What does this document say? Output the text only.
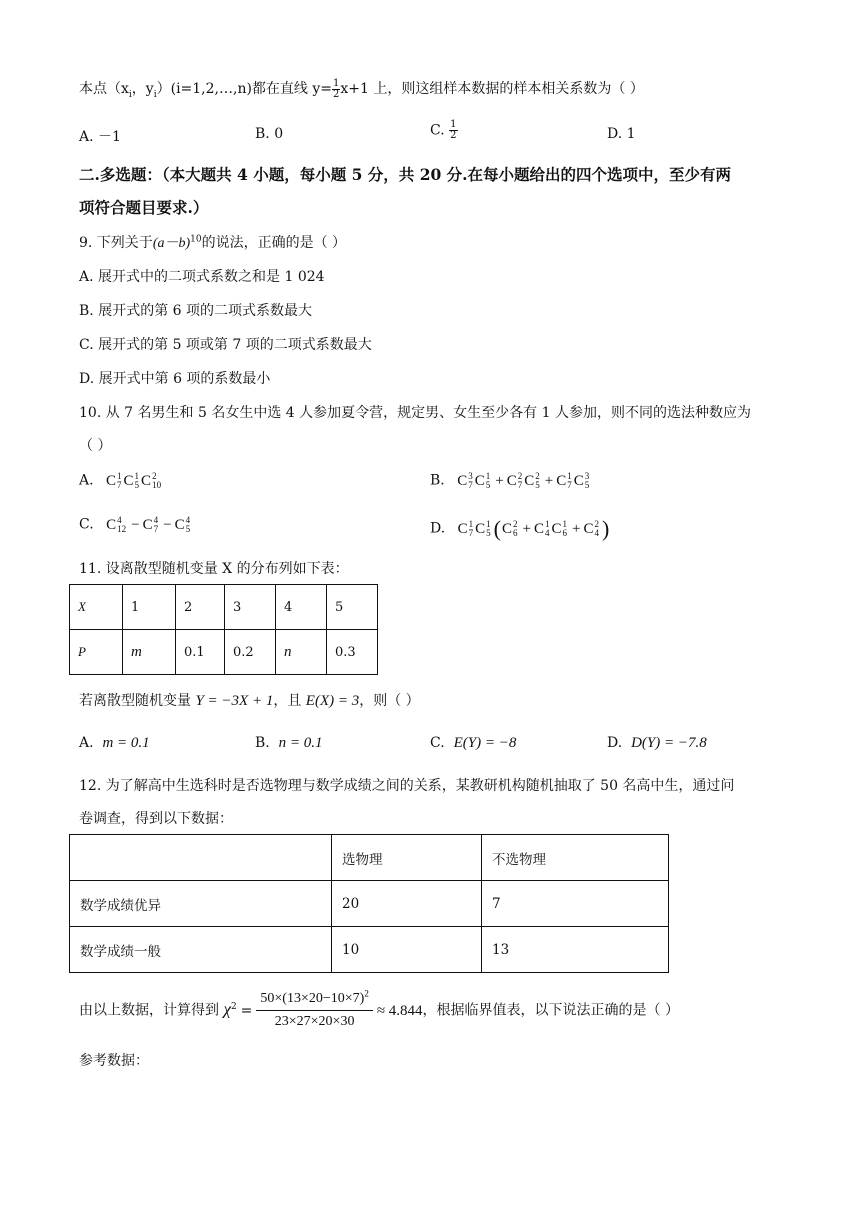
本点（$x_i$，$y_i)(i=1,2,\dots,n)$都在直线 $y= \frac{1}{2} x+1$ 上，则这组样本数据的样本相关系数为（ ）
A. －1	B. 0	C. $\frac{1}{2}$	D. 1
二.多选题：（本大题共 4 小题，每小题 5 分，共 20 分.在每小题给出的四个选项中，至少有两
项符合题目要求.）
9. 下列关于$(a-b)^{10}$的说法，正确的是（ ）
A. 展开式中的二项式系数之和是 1 024
B. 展开式的第 6 项的二项式系数最大
C. 展开式的第 5 项或第 7 项的二项式系数最大
D. 展开式中第 6 项的系数最小
10. 从 7 名男生和 5 名女生中选 4 人参加夏令营，规定男、女生至少各有 1 人参加，则不同的选法种数应为
（ ）
A. C 1
7 C 1
5 C 2
10	B. C 3
7 C 1
5 + C 2
7 C 2
5 + C 1
7 C 3
5
C. C 4
12 − C 4
7 − C 4
5	D. C 1
7 C 1
5 ( C 2
6 + C 1
4 C 1
6 + C 2
4 )
11. 设离散型随机变量 X 的分布列如下表：
X	1	2	3	4	5
P	m	0.1	0.2	n	0.3
若离散型随机变量 Y = −3X + 1，且 E(X) = 3，则（ ）
A.  m = 0.1	B.  n = 0.1	C.  E(Y) = −8	D.  D(Y) = −7.8
12. 为了解高中生选科时是否选物理与数学成绩之间的关系，某教研机构随机抽取了 50 名高中生，通过问
卷调查，得到以下数据：
	选物理	不选物理
数学成绩优异	20	7
数学成绩一般	10	13
由以上数据，计算得到 $\chi^2 = \frac{50\times(13\times 20-10\times 7)^2}{23\times 27\times 20\times 30} \approx 4.844$，根据临界值表，以下说法正确的是（ ）
参考数据：
